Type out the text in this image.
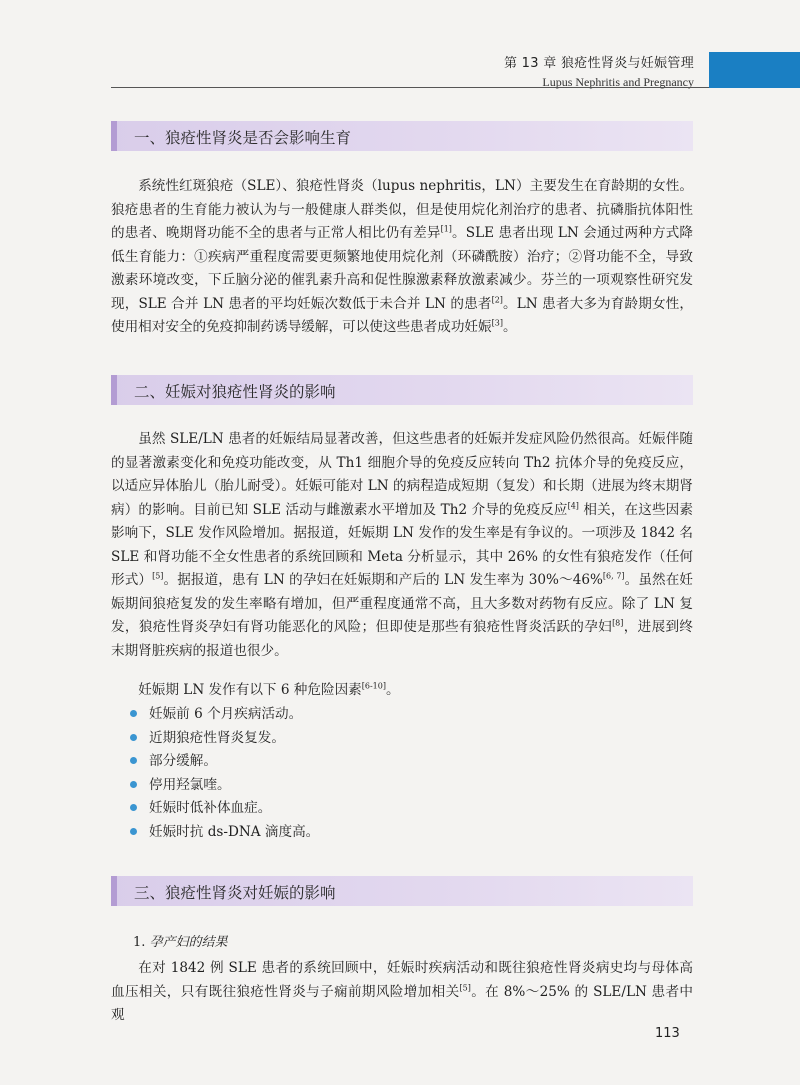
第 13 章 狼疮性肾炎与妊娠管理
Lupus Nephritis and Pregnancy
一、狼疮性肾炎是否会影响生育

系统性红斑狼疮（SLE）、狼疮性肾炎（lupus nephritis，LN）主要发生在育龄期的女性。狼疮患者的生育能力被认为与一般健康人群类似，但是使用烷化剂治疗的患者、抗磷脂抗体阳性的患者、晚期肾功能不全的患者与正常人相比仍有差异[1]。SLE 患者出现 LN 会通过两种方式降低生育能力：①疾病严重程度需要更频繁地使用烷化剂（环磷酰胺）治疗；②肾功能不全，导致激素环境改变，下丘脑分泌的催乳素升高和促性腺激素释放激素减少。芬兰的一项观察性研究发现，SLE 合并 LN 患者的平均妊娠次数低于未合并 LN 的患者[2]。LN 患者大多为育龄期女性，使用相对安全的免疫抑制药诱导缓解，可以使这些患者成功妊娠[3]。

二、妊娠对狼疮性肾炎的影响

虽然 SLE/LN 患者的妊娠结局显著改善，但这些患者的妊娠并发症风险仍然很高。妊娠伴随的显著激素变化和免疫功能改变，从 Th1 细胞介导的免疫反应转向 Th2 抗体介导的免疫反应，以适应异体胎儿（胎儿耐受）。妊娠可能对 LN 的病程造成短期（复发）和长期（进展为终末期肾病）的影响。目前已知 SLE 活动与雌激素水平增加及 Th2 介导的免疫反应[4] 相关，在这些因素影响下，SLE 发作风险增加。据报道，妊娠期 LN 发作的发生率是有争议的。一项涉及 1842 名 SLE 和肾功能不全女性患者的系统回顾和 Meta 分析显示，其中 26% 的女性有狼疮发作（任何形式）[5]。据报道，患有 LN 的孕妇在妊娠期和产后的 LN 发生率为 30%～46%[6, 7]。虽然在妊娠期间狼疮复发的发生率略有增加，但严重程度通常不高，且大多数对药物有反应。除了 LN 复发，狼疮性肾炎孕妇有肾功能恶化的风险；但即使是那些有狼疮性肾炎活跃的孕妇[8]，进展到终末期肾脏疾病的报道也很少。

妊娠期 LN 发作有以下 6 种危险因素[6-10]。

妊娠前 6 个月疾病活动。
近期狼疮性肾炎复发。
部分缓解。
停用羟氯喹。
妊娠时低补体血症。
妊娠时抗 ds-DNA 滴度高。
三、狼疮性肾炎对妊娠的影响
1. 孕产妇的结果

在对 1842 例 SLE 患者的系统回顾中，妊娠时疾病活动和既往狼疮性肾炎病史均与母体高血压相关，只有既往狼疮性肾炎与子痫前期风险增加相关[5]。在 8%～25% 的 SLE/LN 患者中观

113
